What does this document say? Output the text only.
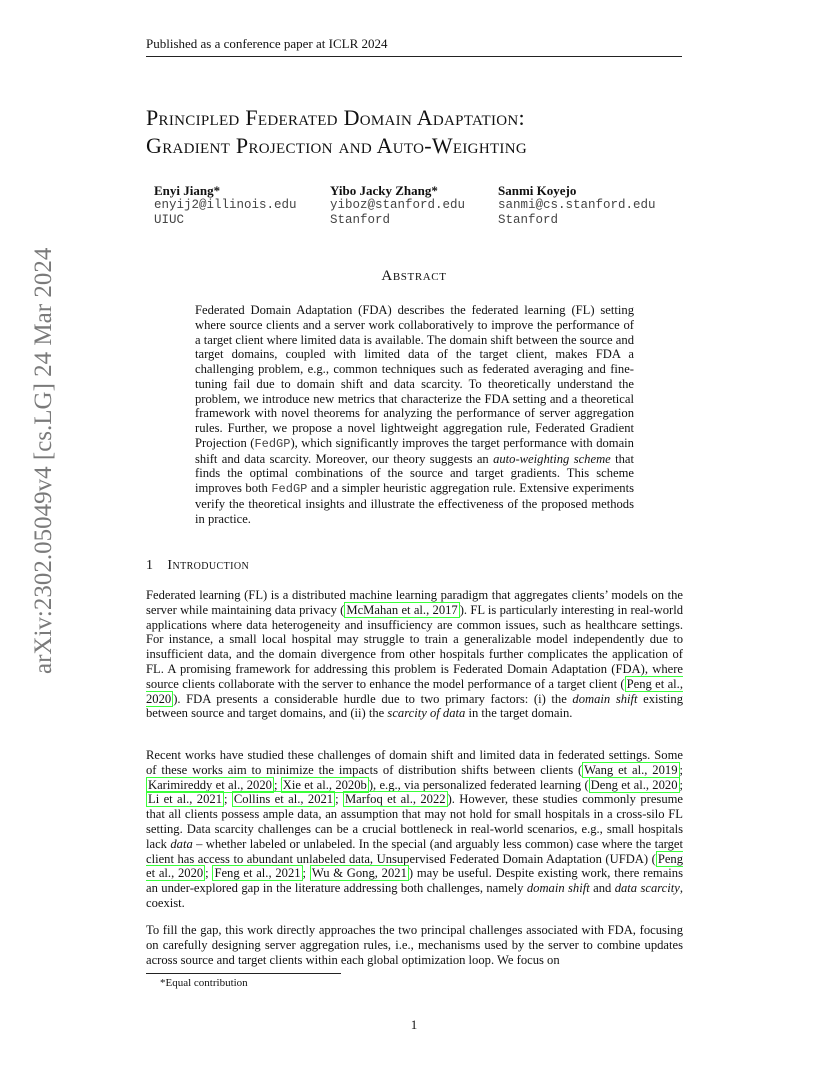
Published as a conference paper at ICLR 2024
arXiv:2302.05049v4 [cs.LG] 24 Mar 2024
Principled Federated Domain Adaptation:
Gradient Projection and Auto-Weighting
Enyi Jiang*
enyij2@illinois.edu
UIUC
Yibo Jacky Zhang*
yiboz@stanford.edu
Stanford
Sanmi Koyejo
sanmi@cs.stanford.edu
Stanford
Abstract
Federated Domain Adaptation (FDA) describes the federated learning (FL) setting where source clients and a server work collaboratively to improve the performance of a target client where limited data is available. The domain shift between the source and target domains, coupled with limited data of the target client, makes FDA a challenging problem, e.g., common techniques such as federated averaging and fine-tuning fail due to domain shift and data scarcity. To theoretically understand the problem, we introduce new metrics that characterize the FDA setting and a theoretical framework with novel theorems for analyzing the performance of server aggregation rules. Further, we propose a novel lightweight aggregation rule, Federated Gradient Projection (FedGP), which significantly improves the target performance with domain shift and data scarcity. Moreover, our theory suggests an auto-weighting scheme that finds the optimal combinations of the source and target gradients. This scheme improves both FedGP and a simpler heuristic aggregation rule. Extensive experiments verify the theoretical insights and illustrate the effectiveness of the proposed methods in practice.
1 Introduction
Federated learning (FL) is a distributed machine learning paradigm that aggregates clients’ models on the server while maintaining data privacy ( McMahan et al., 2017 ). FL is particularly interesting in real-world applications where data heterogeneity and insufficiency are common issues, such as healthcare settings. For instance, a small local hospital may struggle to train a generalizable model independently due to insufficient data, and the domain divergence from other hospitals further complicates the application of FL. A promising framework for addressing this problem is Federated Domain Adaptation (FDA), where source clients collaborate with the server to enhance the model performance of a target client ( Peng et al., 2020 ). FDA presents a considerable hurdle due to two primary factors: (i) the domain shift existing between source and target domains, and (ii) the scarcity of data in the target domain.
Recent works have studied these challenges of domain shift and limited data in federated settings. Some of these works aim to minimize the impacts of distribution shifts between clients ( Wang et al., 2019 ; Karimireddy et al., 2020 ; Xie et al., 2020b ), e.g., via personalized federated learning ( Deng et al., 2020 ; Li et al., 2021 ; Collins et al., 2021 ; Marfoq et al., 2022 ). However, these studies commonly presume that all clients possess ample data, an assumption that may not hold for small hospitals in a cross-silo FL setting. Data scarcity challenges can be a crucial bottleneck in real-world scenarios, e.g., small hospitals lack data – whether labeled or unlabeled. In the special (and arguably less common) case where the target client has access to abundant unlabeled data, Unsupervised Federated Domain Adaptation (UFDA) ( Peng et al., 2020 ; Feng et al., 2021 ; Wu & Gong, 2021 ) may be useful. Despite existing work, there remains an under-explored gap in the literature addressing both challenges, namely domain shift and data scarcity, coexist.
To fill the gap, this work directly approaches the two principal challenges associated with FDA, focusing on carefully designing server aggregation rules, i.e., mechanisms used by the server to combine updates across source and target clients within each global optimization loop. We focus on
*Equal contribution
1
